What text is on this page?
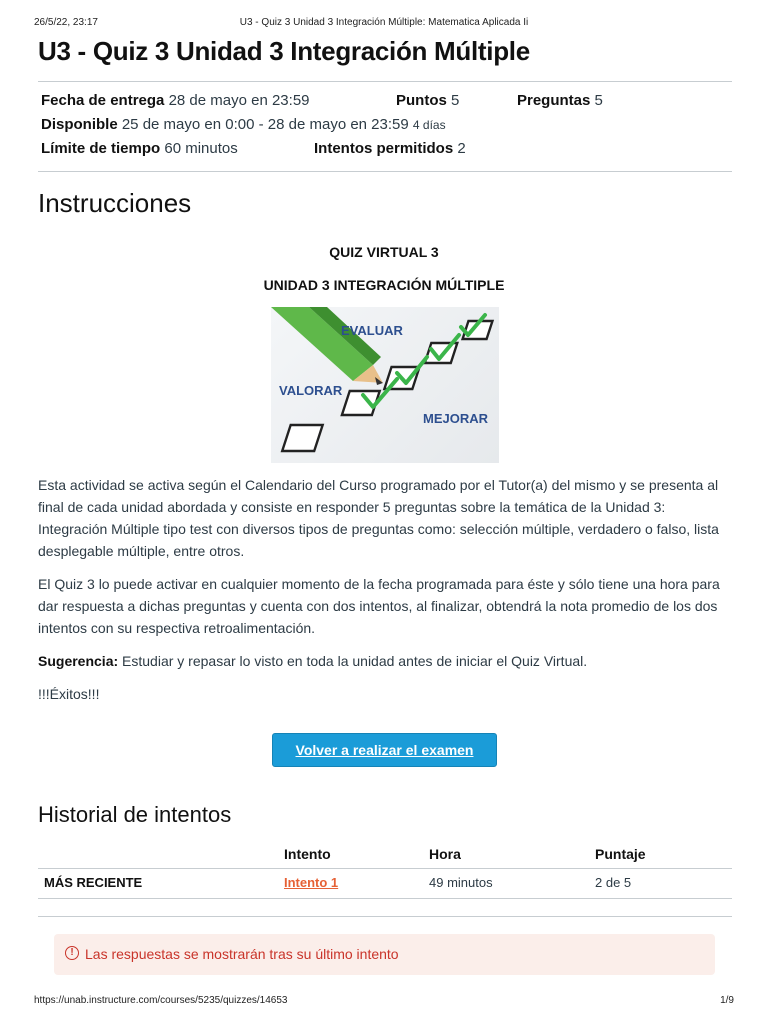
26/5/22, 23:17	U3 - Quiz 3 Unidad 3 Integración Múltiple: Matematica Aplicada Ii
U3 - Quiz 3 Unidad 3 Integración Múltiple
Fecha de entrega 28 de mayo en 23:59	Puntos 5	Preguntas 5
Disponible 25 de mayo en 0:00 - 28 de mayo en 23:59 4 días
Límite de tiempo 60 minutos	Intentos permitidos 2
Instrucciones
QUIZ VIRTUAL 3
UNIDAD 3 INTEGRACIÓN MÚLTIPLE
EVALUAR
VALORAR
MEJORAR

Esta actividad se activa según el Calendario del Curso programado por el Tutor(a) del mismo y se presenta al final de cada unidad abordada y consiste en responder 5 preguntas sobre la temática de la Unidad 3: Integración Múltiple tipo test con diversos tipos de preguntas como: selección múltiple, verdadero o falso, lista desplegable múltiple, entre otros.

El Quiz 3 lo puede activar en cualquier momento de la fecha programada para éste y sólo tiene una hora para dar respuesta a dichas preguntas y cuenta con dos intentos, al finalizar, obtendrá la nota promedio de los dos intentos con su respectiva retroalimentación.

Sugerencia: Estudiar y repasar lo visto en toda la unidad antes de iniciar el Quiz Virtual.

!!!Éxitos!!!

Volver a realizar el examen
Historial de intentos
Intento	Hora	Puntaje
MÁS RECIENTE	Intento 1	49 minutos	2 de 5
! Las respuestas se mostrarán tras su último intento
https://unab.instructure.com/courses/5235/quizzes/14653	1/9
